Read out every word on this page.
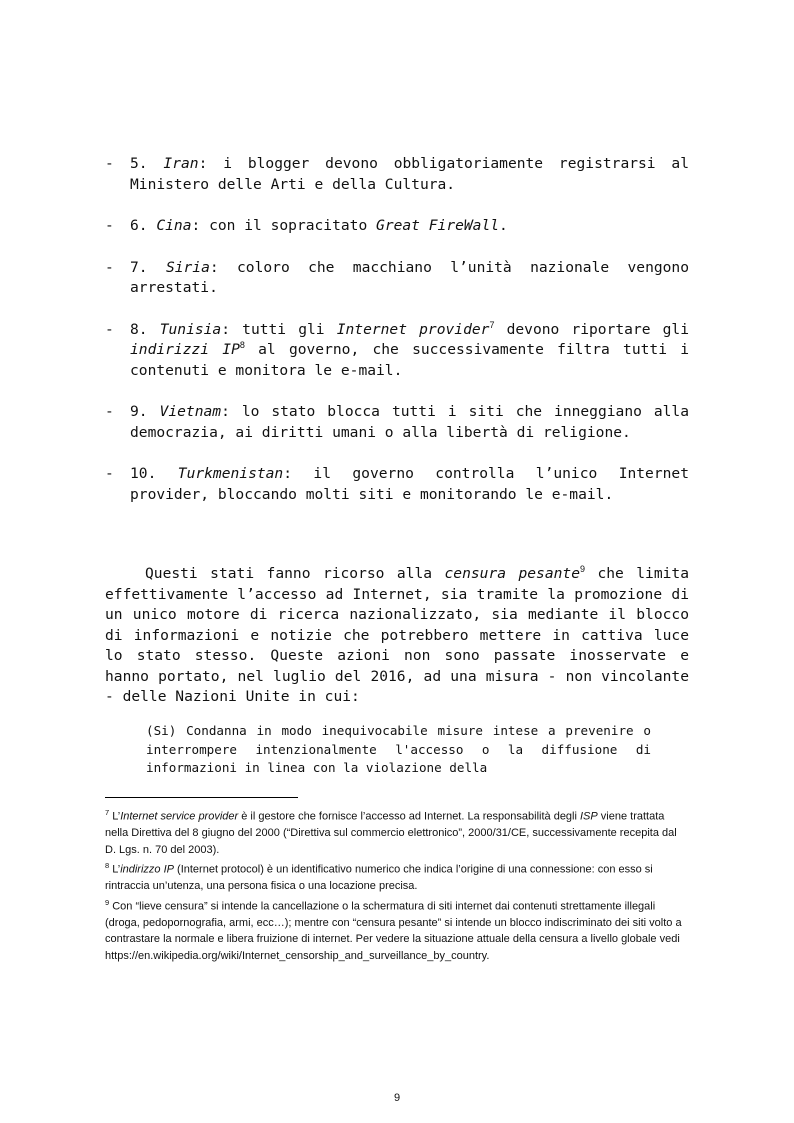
- 5. Iran: i blogger devono obbligatoriamente registrarsi al Ministero delle Arti e della Cultura.
- 6. Cina: con il sopracitato Great FireWall.
- 7. Siria: coloro che macchiano l’unità nazionale vengono arrestati.
- 8. Tunisia: tutti gli Internet provider$^7$ devono riportare gli indirizzi IP$^8$ al governo, che successivamente filtra tutti i contenuti e monitora le e-mail.
- 9. Vietnam: lo stato blocca tutti i siti che inneggiano alla democrazia, ai diritti umani o alla libertà di religione.
- 10. Turkmenistan: il governo controlla l’unico Internet provider, bloccando molti siti e monitorando le e-mail.

Questi stati fanno ricorso alla censura pesante$^9$ che limita effettivamente l’accesso ad Internet, sia tramite la promozione di un unico motore di ricerca nazionalizzato, sia mediante il blocco di informazioni e notizie che potrebbero mettere in cattiva luce lo stato stesso. Queste azioni non sono passate inosservate e hanno portato, nel luglio del 2016, ad una misura - non vincolante - delle Nazioni Unite in cui:

(Si) Condanna in modo inequivocabile misure intese a prevenire o interrompere intenzionalmente l'accesso o la diffusione di informazioni in linea con la violazione della

$^7$ L’Internet service provider è il gestore che fornisce l’accesso ad Internet. La responsabilità degli ISP viene trattata nella Direttiva del 8 giugno del 2000 (“Direttiva sul commercio elettronico”, 2000/31/CE, successivamente recepita dal D. Lgs. n. 70 del 2003).

$^8$ L’indirizzo IP (Internet protocol) è un identificativo numerico che indica l’origine di una connessione: con esso si rintraccia un’utenza, una persona fisica o una locazione precisa.

$^9$ Con “lieve censura” si intende la cancellazione o la schermatura di siti internet dai contenuti strettamente illegali (droga, pedopornografia, armi, ecc…); mentre con “censura pesante” si intende un blocco indiscriminato dei siti volto a contrastare la normale e libera fruizione di internet. Per vedere la situazione attuale della censura a livello globale vedi
https://en.wikipedia.org/wiki/Internet_censorship_and_surveillance_by_country.

9
